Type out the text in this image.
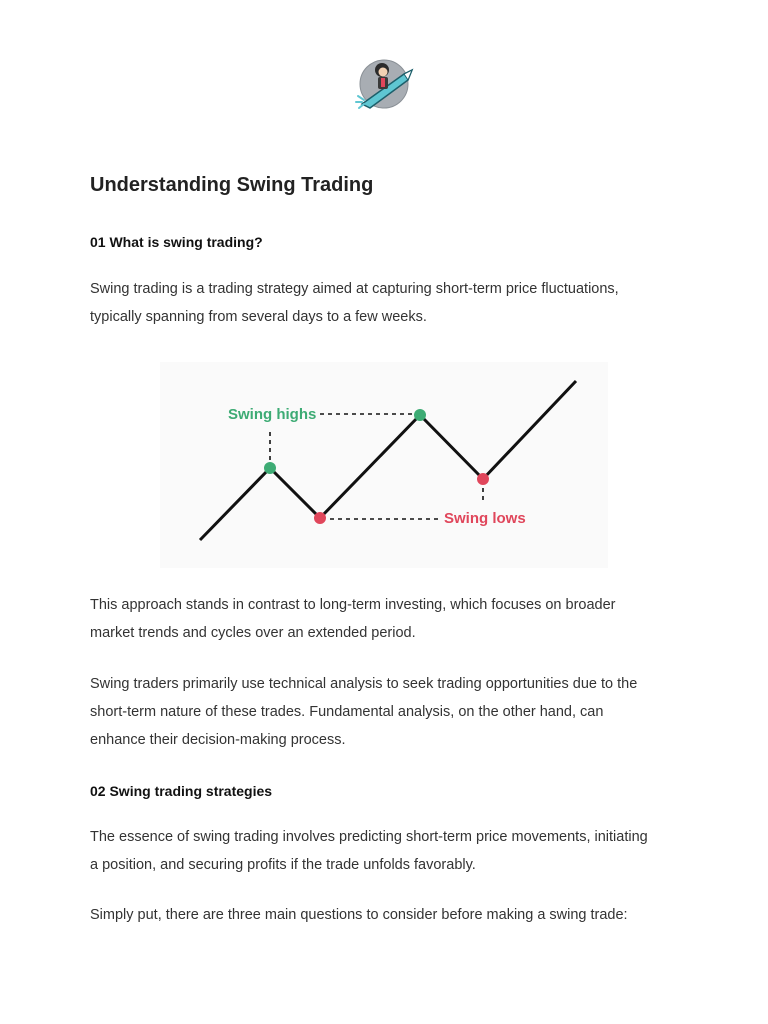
Understanding Swing Trading
01 What is swing trading?

Swing trading is a trading strategy aimed at capturing short-term price fluctuations,
typically spanning from several days to a few weeks.

Swing highs
Swing lows

This approach stands in contrast to long-term investing, which focuses on broader
market trends and cycles over an extended period.

Swing traders primarily use technical analysis to seek trading opportunities due to the
short-term nature of these trades. Fundamental analysis, on the other hand, can
enhance their decision-making process.

02 Swing trading strategies

The essence of swing trading involves predicting short-term price movements, initiating
a position, and securing profits if the trade unfolds favorably.

Simply put, there are three main questions to consider before making a swing trade:
